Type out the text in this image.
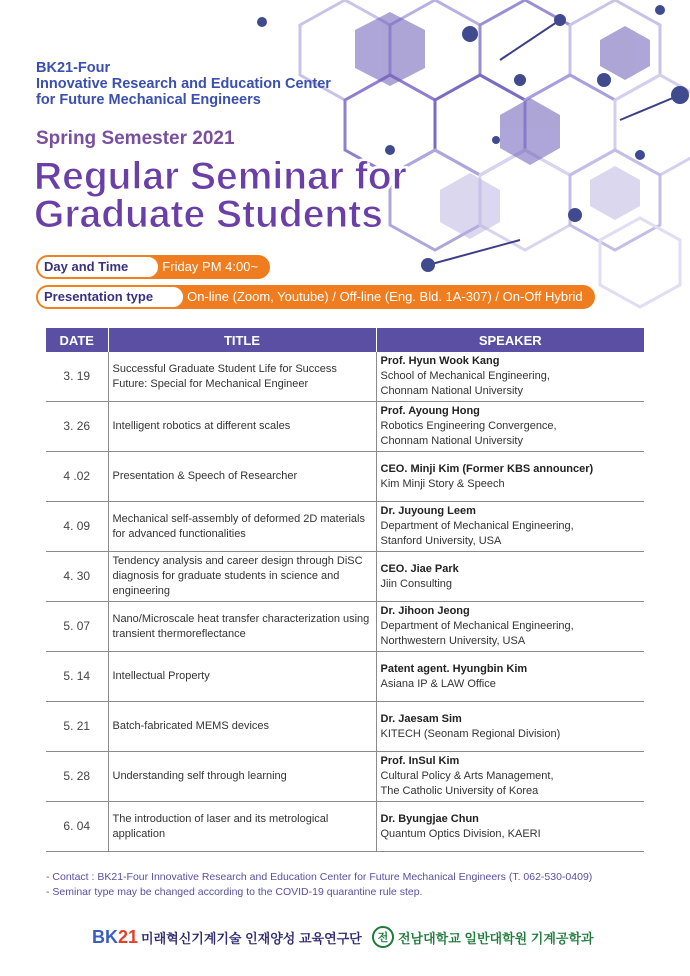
BK21-Four
Innovative Research and Education Center
for Future Mechanical Engineers
Spring Semester 2021
Regular Seminar for
Graduate Students
Day and Time	Friday PM 4:00~
Presentation type	On-line (Zoom, Youtube) / Off-line (Eng. Bld. 1A-307) / On-Off Hybrid
DATE	TITLE	SPEAKER
3. 19	Successful Graduate Student Life for Success Future: Special for Mechanical Engineer	Prof. Hyun Wook Kang
School of Mechanical Engineering,
Chonnam National University

3. 26	Intelligent robotics at different scales	Prof. Ayoung Hong
Robotics Engineering Convergence,
Chonnam National University

4 .02	Presentation & Speech of Researcher	CEO. Minji Kim (Former KBS announcer)
Kim Minji Story & Speech

4. 09	Mechanical self-assembly of deformed 2D materials for advanced functionalities	Dr. Juyoung Leem
Department of Mechanical Engineering,
Stanford University, USA

4. 30	Tendency analysis and career design through DiSC diagnosis for graduate students in science and engineering	CEO. Jiae Park
Jiin Consulting

5. 07	Nano/Microscale heat transfer characterization using transient thermoreflectance	Dr. Jihoon Jeong
Department of Mechanical Engineering,
Northwestern University, USA

5. 14	Intellectual Property	Patent agent. Hyungbin Kim
Asiana IP & LAW Office

5. 21	Batch-fabricated MEMS devices	Dr. Jaesam Sim
KITECH (Seonam Regional Division)

5. 28	Understanding self through learning	Prof. InSul Kim
Cultural Policy & Arts Management,
The Catholic University of Korea

6. 04	The introduction of laser and its metrological application	Dr. Byungjae Chun
Quantum Optics Division, KAERI
- Contact : BK21-Four Innovative Research and Education Center for Future Mechanical Engineers (T. 062-530-0409)
- Seminar type may be changed according to the COVID-19 quarantine rule step.
BK21 미래혁신기계기술 인재양성 교육연구단	전 전남대학교 일반대학원 기계공학과
